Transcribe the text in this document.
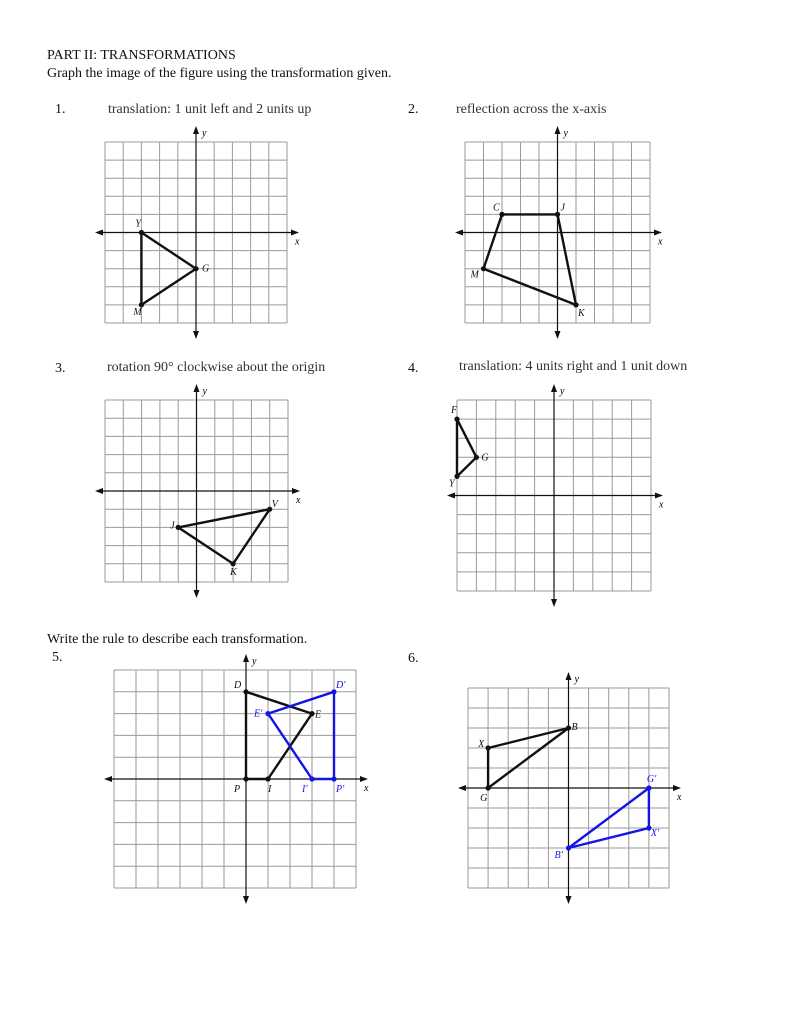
PART II: TRANSFORMATIONS
Graph the image of the figure using the transformation given.
1.	translation: 1 unit left and 2 units up
x
y
Y
G
M
2.	reflection across the x-axis
x
y
C	J
K
M
3.	rotation 90° clockwise about the origin
x
y
V
J
K
4.	translation: 4 units right and 1 unit down
x
y
F
G
Y
Write the rule to describe each transformation.
5.
x
y
D
E
I
P
D'
E'
I'	P'
6.
x
y
B
X
G
G'
X'
B'
